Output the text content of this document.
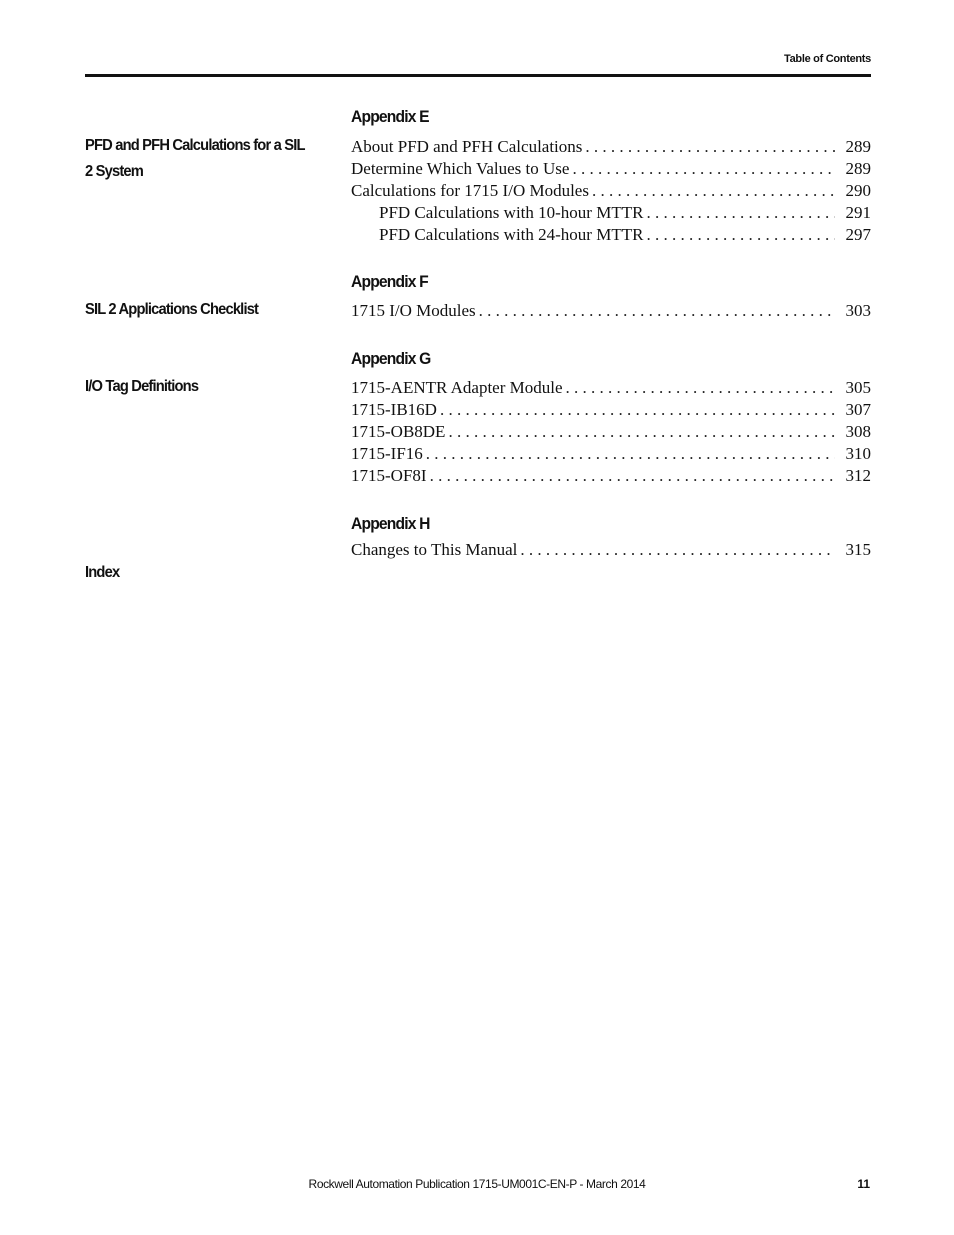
Table of Contents
Appendix E
PFD and PFH Calculations for a SIL 2 System
About PFD and PFH Calculations . . .	289
Determine Which Values to Use . . .	289
Calculations for 1715 I/O Modules . . .	290
PFD Calculations with 10-hour MTTR . . .	291
PFD Calculations with 24-hour MTTR . . .	297
Appendix F
SIL 2 Applications Checklist	1715 I/O Modules . . .	303
Appendix G
I/O Tag Definitions	1715-AENTR Adapter Module . . .	305
1715-IB16D . . .	307
1715-OB8DE . . .	308
1715-IF16 . . .	310
1715-OF8I . . .	312
Appendix H
Changes to This Manual . . .	315
Index
Rockwell Automation Publication 1715-UM001C-EN-P - March 2014	11
